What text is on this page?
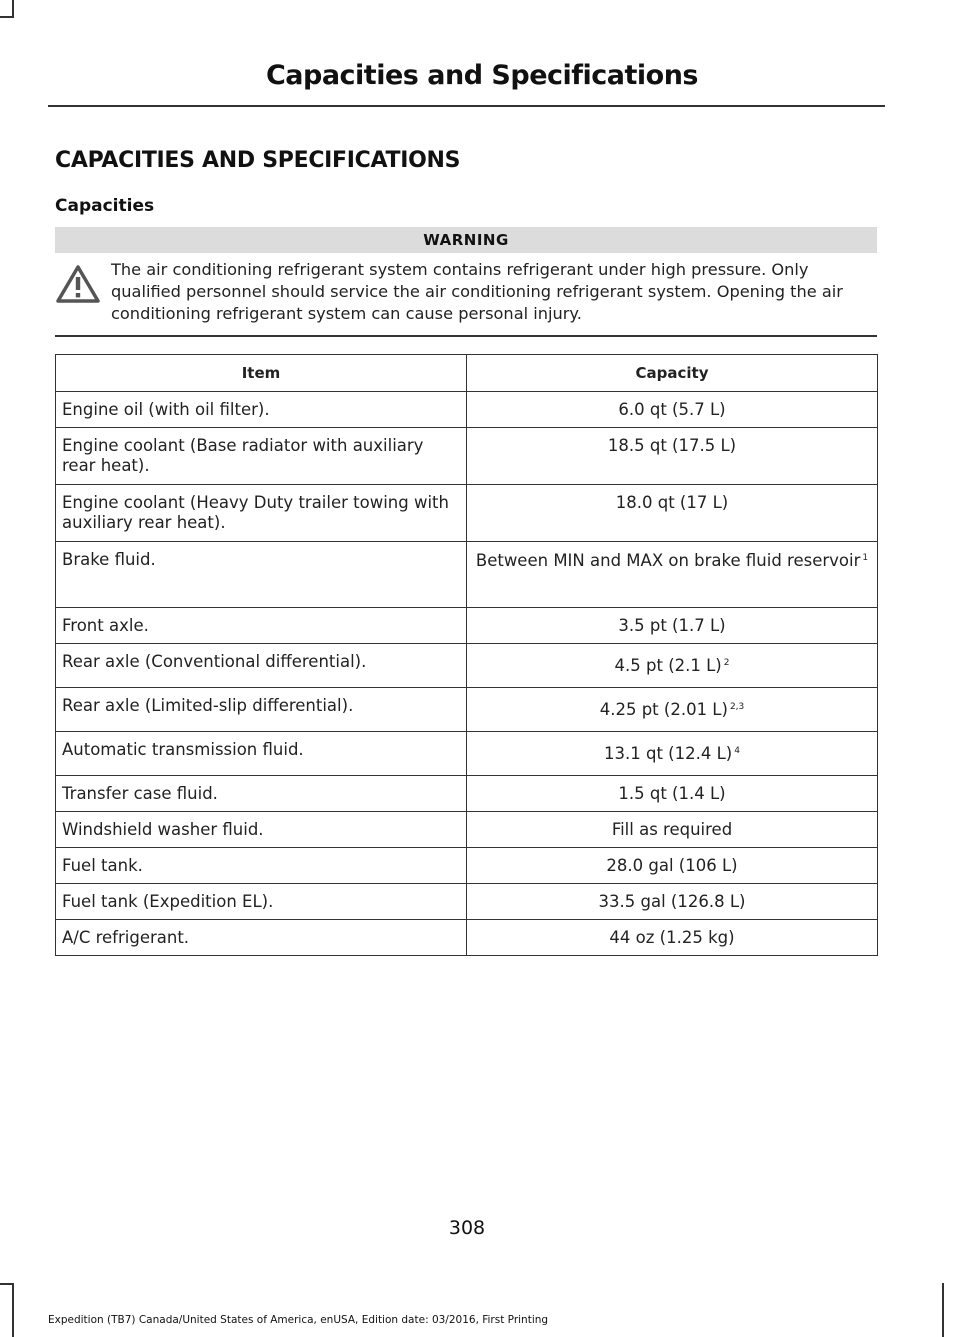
Capacities and Specifications
CAPACITIES AND SPECIFICATIONS
Capacities
WARNING
The air conditioning refrigerant system contains refrigerant under high pressure. Only qualified personnel should service the air conditioning refrigerant system. Opening the air conditioning refrigerant system can cause personal injury.
Item	Capacity
Engine oil (with oil filter).	6.0 qt (5.7 L)
Engine coolant (Base radiator with auxiliary rear heat).	18.5 qt (17.5 L)
Engine coolant (Heavy Duty trailer towing with auxiliary rear heat).	18.0 qt (17 L)
Brake fluid.	Between MIN and MAX on brake fluid reservoir $^1$
Front axle.	3.5 pt (1.7 L)
Rear axle (Conventional differential).	4.5 pt (2.1 L) $^2$
Rear axle (Limited-slip differential).	4.25 pt (2.01 L) $^{2,3}$
Automatic transmission fluid.	13.1 qt (12.4 L) $^4$
Transfer case fluid.	1.5 qt (1.4 L)
Windshield washer fluid.	Fill as required
Fuel tank.	28.0 gal (106 L)
Fuel tank (Expedition EL).	33.5 gal (126.8 L)
A/C refrigerant.	44 oz (1.25 kg)
308
Expedition (TB7) Canada/United States of America, enUSA, Edition date: 03/2016, First Printing
